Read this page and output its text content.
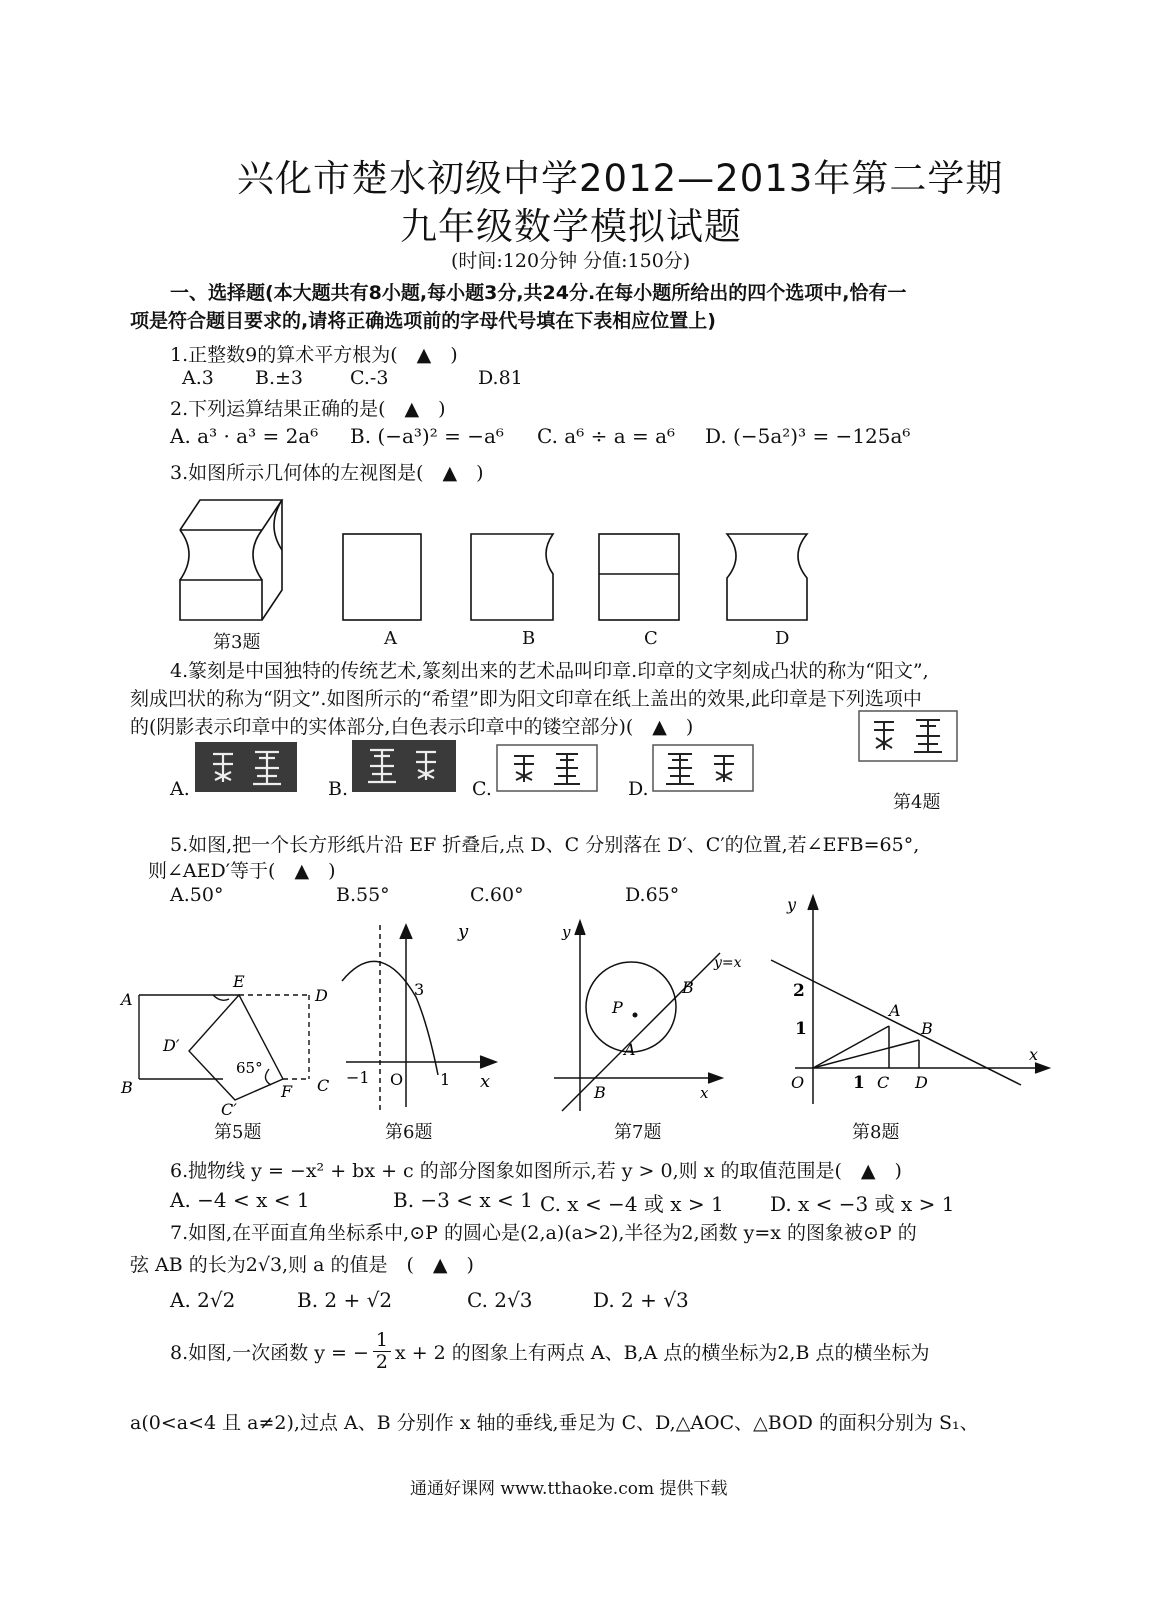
兴化市楚水初级中学2012—2013年第二学期
九年级数学模拟试题
(时间:120分钟 分值:150分)
一、选择题(本大题共有8小题,每小题3分,共24分.在每小题所给出的四个选项中,恰有一
项是符合题目要求的,请将正确选项前的字母代号填在下表相应位置上)
1.正整数9的算术平方根为(　▲　)
A.3 B.±3 C.-3	D.81
2.下列运算结果正确的是(　▲　)
A. a³ · a³ = 2a⁶ B. (−a³)² = −a⁶ C. a⁶ ÷ a = a⁶ D. (−5a²)³ = −125a⁶
3.如图所示几何体的左视图是(　▲　)
第3题	A	B	C	D
4.篆刻是中国独特的传统艺术,篆刻出来的艺术品叫印章.印章的文字刻成凸状的称为“阳文”,
刻成凹状的称为“阴文”.如图所示的“希望”即为阳文印章在纸上盖出的效果,此印章是下列选项中
的(阴影表示印章中的实体部分,白色表示印章中的镂空部分)(　▲　)
A.	B.	C.	D.
第4题
5.如图,把一个长方形纸片沿 EF 折叠后,点 D、C 分别落在 D′、C′的位置,若∠EFB=65°,
则∠AED′等于(　▲　)
A.50°	B.55°	C.60°	D.65°
A
E
D
D′
65°
B	F C
C′
y
3
−1 O 1 x
y
y=x
P
B
A
B	x
y
2
A
B
1
x
O	1 C D
第5题	第6题	第7题	第8题
6.抛物线 y = −x² + bx + c 的部分图象如图所示,若 y > 0,则 x 的取值范围是(　▲　)
A. −4 < x < 1	B. −3 < x < 1 C. x < −4 或 x > 1 D. x < −3 或 x > 1
7.如图,在平面直角坐标系中,⊙P 的圆心是(2,a)(a>2),半径为2,函数 y=x 的图象被⊙P 的
弦 AB 的长为2√3,则 a 的值是　(　▲　)
A. 2√2	B. 2 + √2	C. 2√3	D. 2 + √3
8.如图,一次函数 y = − $\frac{1}{2}$ x + 2 的图象上有两点 A、B,A 点的横坐标为2,B 点的横坐标为
a(0<a<4 且 a≠2),过点 A、B 分别作 x 轴的垂线,垂足为 C、D,△AOC、△BOD 的面积分别为 S₁、
通通好课网 www.tthaoke.com 提供下载
